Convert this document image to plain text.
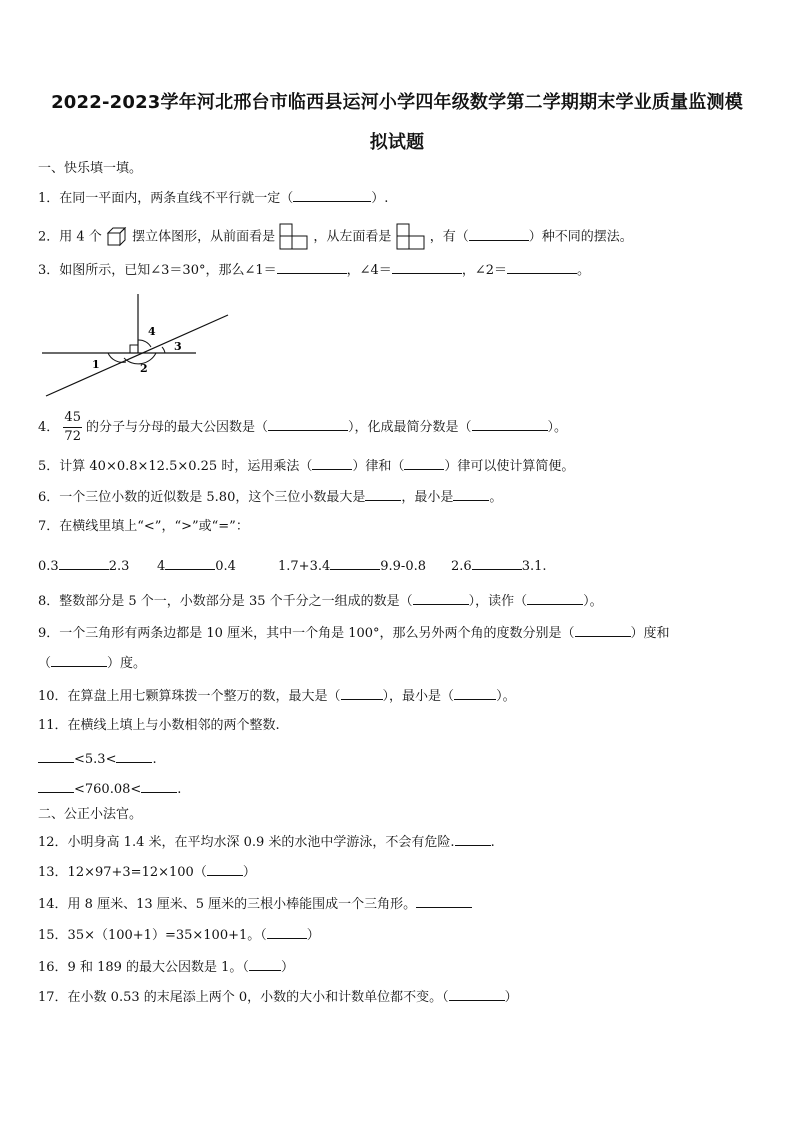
2022-2023学年河北邢台市临西县运河小学四年级数学第二学期期末学业质量监测模
拟试题
一、快乐填一填。
1．在同一平面内，两条直线不平行就一定（	）.
2．用 4 个 摆立体图形，从前面看是	，从左面看是	，有（	）种不同的摆法。
3．如图所示，已知∠3＝30°，那么∠1＝	，∠4＝	，∠2＝	。
1	2
3
4
4． $\frac{45}{72}$ 的分子与分母的最大公因数是（	），化成最简分数是（	）。
5．计算 40×0.8×12.5×0.25 时，运用乘法（	）律和（	）律可以使计算简便。
6．一个三位小数的近似数是 5.80，这个三位小数最大是	，最小是	。
7．在横线里填上“<”，“>”或“=”：
0.3	2.3 4	0.4	1.7+3.4	9.9-0.8 2.6	3.1.
8．整数部分是 5 个一，小数部分是 35 个千分之一组成的数是（	），读作（	）。
9．一个三角形有两条边都是 10 厘米，其中一个角是 100°，那么另外两个角的度数分别是（	）度和
（	）度。
10．在算盘上用七颗算珠拨一个整万的数，最大是（	），最小是（	）。
11．在横线上填上与小数相邻的两个整数.
<5.3<	.
<760.08<	.
二、公正小法官。
12．小明身高 1.4 米，在平均水深 0.9 米的水池中学游泳，不会有危险.	.
13．12×97+3=12×100（	）
14．用 8 厘米、13 厘米、5 厘米的三根小棒能围成一个三角形。
15．35×（100+1）=35×100+1。（	）
16．9 和 189 的最大公因数是 1。（ ）
17．在小数 0.53 的末尾添上两个 0，小数的大小和计数单位都不变。（	）
